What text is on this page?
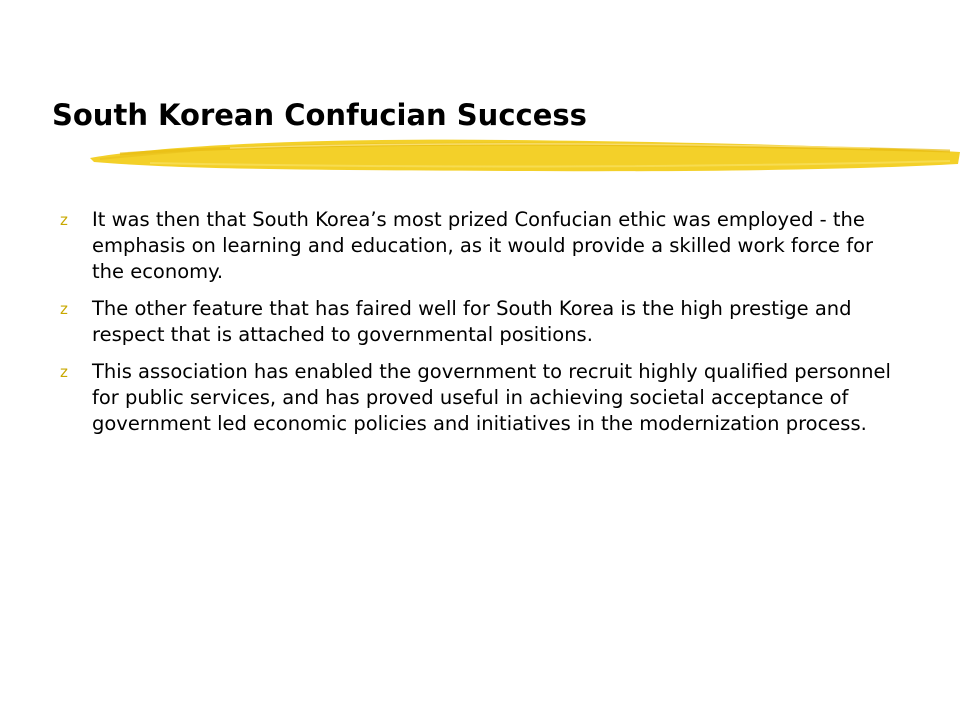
South Korean Confucian Success
z It was then that South Korea’s most prized Confucian ethic was employed - the emphasis on learning and education, as it would provide a skilled work force for the economy.
z The other feature that has faired well for South Korea is the high prestige and respect that is attached to governmental positions.
z This association has enabled the government to recruit highly qualified personnel for public services, and has proved useful in achieving societal acceptance of government led economic policies and initiatives in the modernization process.
